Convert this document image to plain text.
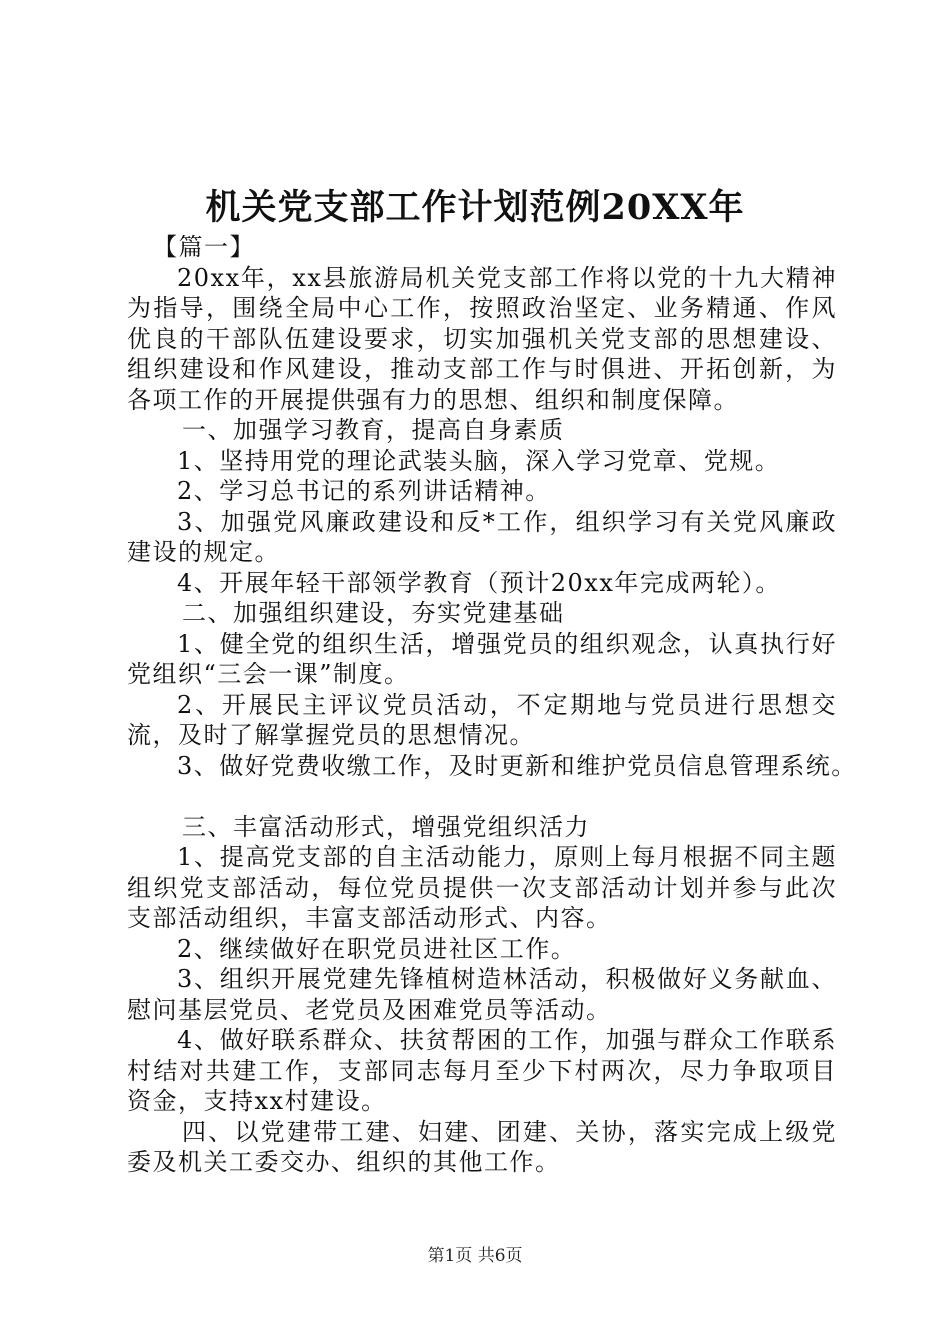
机关党支部工作计划范例20XX年

【篇一】

20xx年，xx县旅游局机关党支部工作将以党的十九大精神为指导，围绕全局中心工作，按照政治坚定、业务精通、作风优良的干部队伍建设要求，切实加强机关党支部的思想建设、组织建设和作风建设，推动支部工作与时俱进、开拓创新，为各项工作的开展提供强有力的思想、组织和制度保障。

一、加强学习教育，提高自身素质

1、坚持用党的理论武装头脑，深入学习党章、党规。

2、学习总书记的系列讲话精神。

3、加强党风廉政建设和反*工作，组织学习有关党风廉政建设的规定。

4、开展年轻干部领学教育（预计20xx年完成两轮）。

二、加强组织建设，夯实党建基础

1、健全党的组织生活，增强党员的组织观念，认真执行好党组织“三会一课”制度。

2、开展民主评议党员活动，不定期地与党员进行思想交流，及时了解掌握党员的思想情况。

3、做好党费收缴工作，及时更新和维护党员信息管理系统。

三、丰富活动形式，增强党组织活力

1、提高党支部的自主活动能力，原则上每月根据不同主题组织党支部活动，每位党员提供一次支部活动计划并参与此次支部活动组织，丰富支部活动形式、内容。

2、继续做好在职党员进社区工作。

3、组织开展党建先锋植树造林活动，积极做好义务献血、慰问基层党员、老党员及困难党员等活动。

4、做好联系群众、扶贫帮困的工作，加强与群众工作联系村结对共建工作，支部同志每月至少下村两次，尽力争取项目资金，支持xx村建设。

四、以党建带工建、妇建、团建、关协，落实完成上级党委及机关工委交办、组织的其他工作。

第1页 共6页
